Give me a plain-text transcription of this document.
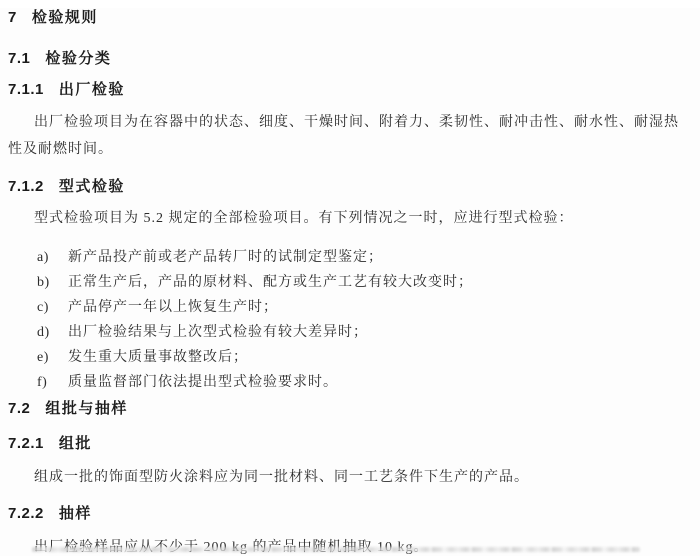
7 检验规则
7.1 检验分类
7.1.1 出厂检验

出厂检验项目为在容器中的状态、细度、干燥时间、附着力、柔韧性、耐冲击性、耐水性、耐湿热性及耐燃时间。

7.1.2 型式检验

型式检验项目为 5.2 规定的全部检验项目。有下列情况之一时，应进行型式检验：

a)	新产品投产前或老产品转厂时的试制定型鉴定；
b)	正常生产后，产品的原材料、配方或生产工艺有较大改变时；
c)	产品停产一年以上恢复生产时；
d)	出厂检验结果与上次型式检验有较大差异时；
e)	发生重大质量事故整改后；
f)	质量监督部门依法提出型式检验要求时。
7.2 组批与抽样
7.2.1 组批

组成一批的饰面型防火涂料应为同一批材料、同一工艺条件下生产的产品。

7.2.2 抽样
